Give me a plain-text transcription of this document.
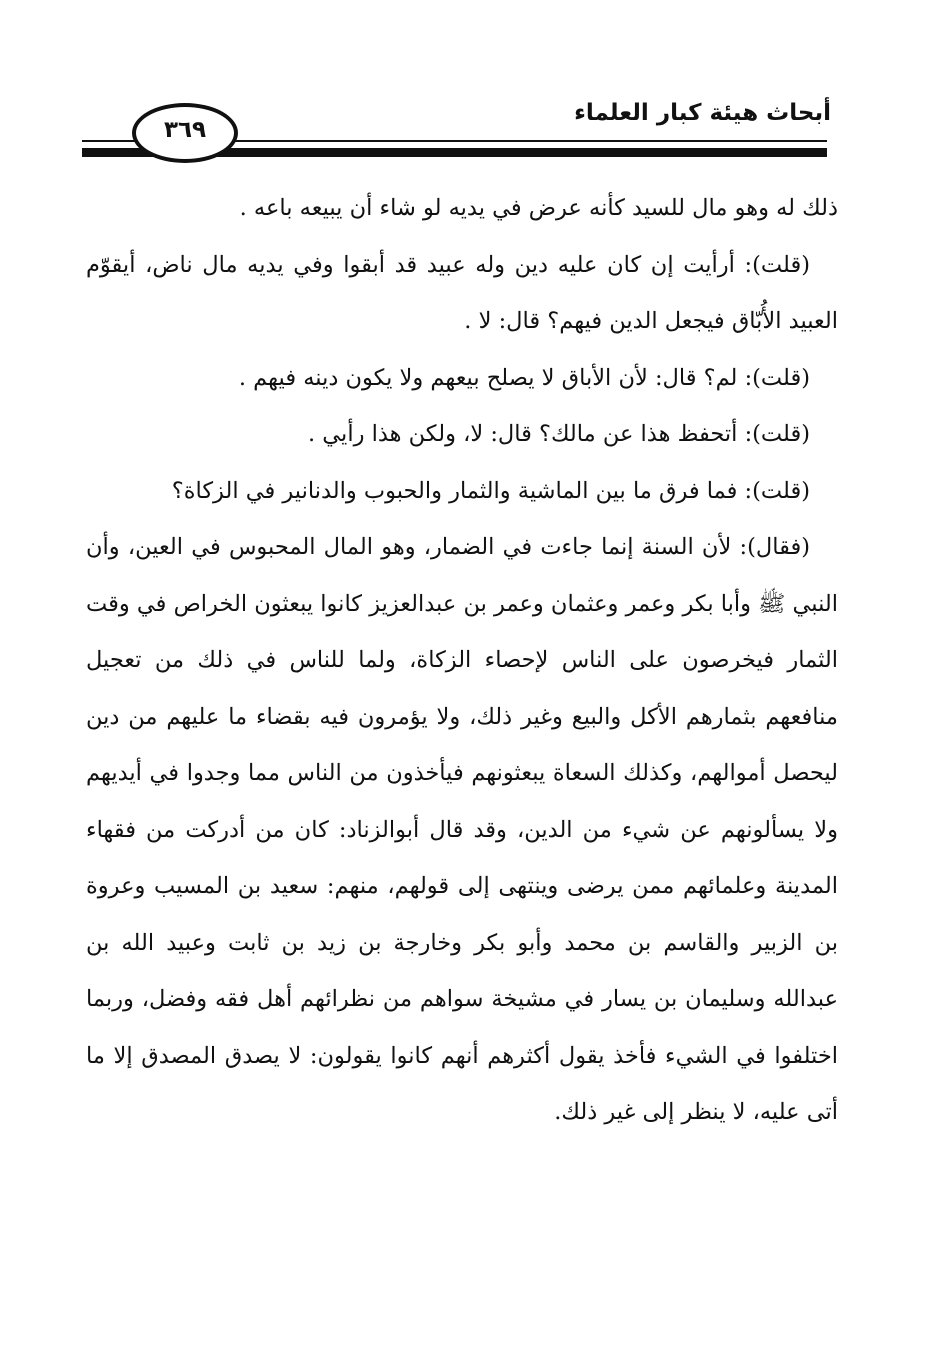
أبحاث هيئة كبار العلماء
٣٦٩

ذلك له وهو مال للسيد كأنه عرض في يديه لو شاء أن يبيعه باعه .

(قلت): أرأيت إن كان عليه دين وله عبيد قد أبقوا وفي يديه مال ناض، أيقوّم العبيد الأُبّاق فيجعل الدين فيهم؟ قال: لا .

(قلت): لم؟ قال: لأن الأباق لا يصلح بيعهم ولا يكون دينه فيهم .

(قلت): أتحفظ هذا عن مالك؟ قال: لا، ولكن هذا رأيي .

(قلت): فما فرق ما بين الماشية والثمار والحبوب والدنانير في الزكاة؟

(فقال): لأن السنة إنما جاءت في الضمار، وهو المال المحبوس في العين، وأن النبي ﷺ وأبا بكر وعمر وعثمان وعمر بن عبدالعزيز كانوا يبعثون الخراص في وقت الثمار فيخرصون على الناس لإحصاء الزكاة، ولما للناس في ذلك من تعجيل منافعهم بثمارهم الأكل والبيع وغير ذلك، ولا يؤمرون فيه بقضاء ما عليهم من دين ليحصل أموالهم، وكذلك السعاة يبعثونهم فيأخذون من الناس مما وجدوا في أيديهم ولا يسألونهم عن شيء من الدين، وقد قال أبوالزناد: كان من أدركت من فقهاء المدينة وعلمائهم ممن يرضى وينتهى إلى قولهم، منهم: سعيد بن المسيب وعروة بن الزبير والقاسم بن محمد وأبو بكر وخارجة بن زيد بن ثابت وعبيد الله بن عبدالله وسليمان بن يسار في مشيخة سواهم من نظرائهم أهل فقه وفضل، وربما اختلفوا في الشيء فأخذ يقول أكثرهم أنهم كانوا يقولون: لا يصدق المصدق إلا ما أتى عليه، لا ينظر إلى غير ذلك.
